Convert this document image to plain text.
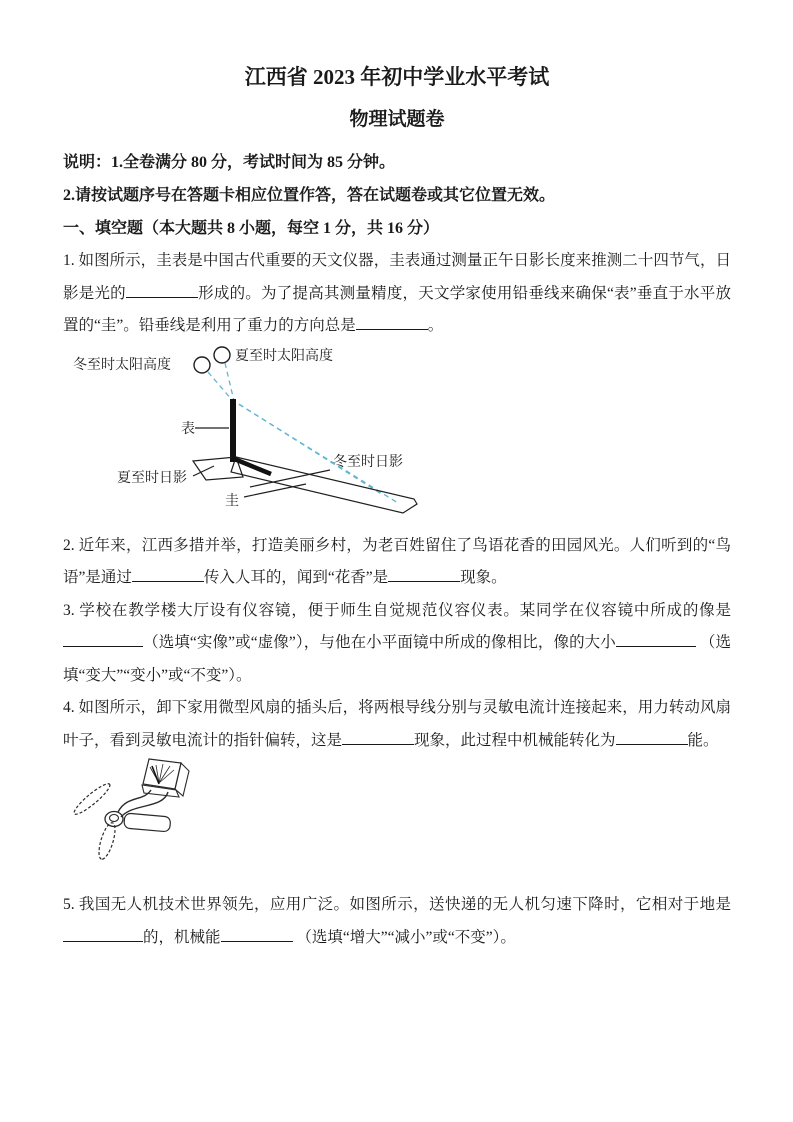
江西省 2023 年初中学业水平考试
物理试题卷

说明：1.全卷满分 80 分，考试时间为 85 分钟。

2.请按试题序号在答题卡相应位置作答，答在试题卷或其它位置无效。

一、填空题（本大题共 8 小题，每空 1 分，共 16 分）

1. 如图所示，圭表是中国古代重要的天文仪器，圭表通过测量正午日影长度来推测二十四节气，日影是光的	形成的。为了提高其测量精度，天文学家使用铅垂线来确保“表”垂直于水平放置的“圭”。铅垂线是利用了重力的方向总是	。

冬至时太阳高度
夏至时太阳高度
表
夏至时日影
冬至时日影
圭

2. 近年来，江西多措并举，打造美丽乡村，为老百姓留住了鸟语花香的田园风光。人们听到的“鸟语”是通过	传入人耳的，闻到“花香”是	现象。

3. 学校在教学楼大厅设有仪容镜，便于师生自觉规范仪容仪表。某同学在仪容镜中所成的像是（选填“实像”或“虚像”），与他在小平面镜中所成的像相比，像的大小	（选填“变大”“变小”或“不变”）。

4. 如图所示，卸下家用微型风扇的插头后，将两根导线分别与灵敏电流计连接起来，用力转动风扇叶子，看到灵敏电流计的指针偏转，这是	现象，此过程中机械能转化为	能。

5. 我国无人机技术世界领先，应用广泛。如图所示，送快递的无人机匀速下降时，它相对于地是的，机械能	（选填“增大”“减小”或“不变”）。
